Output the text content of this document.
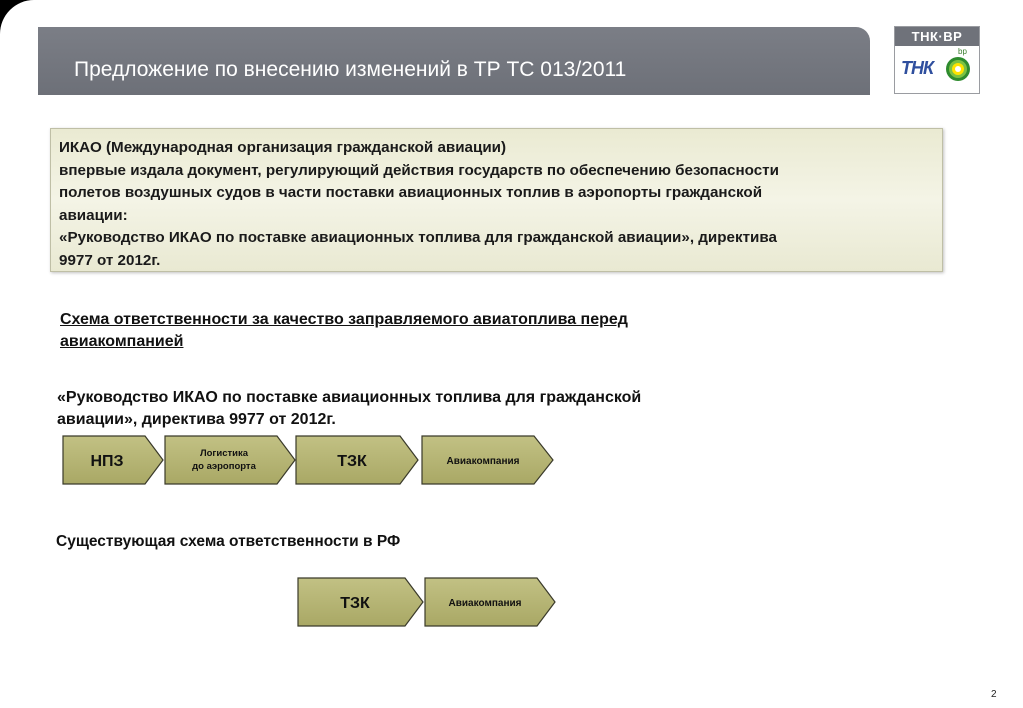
Предложение по внесению изменений в ТР ТС 013/2011
ТНК·ВР
ТНК
bp

ИКАО (Международная организация гражданской авиации)

впервые издала документ, регулирующий действия государств по обеспечению безопасности

полетов воздушных судов в части поставки авиационных топлив в аэропорты гражданской

авиации:

«Руководство ИКАО по поставке авиационных топлива для гражданской авиации», директива

9977 от 2012г.

Схема ответственности за качество заправляемого авиатоплива перед
авиакомпанией
«Руководство ИКАО по поставке авиационных топлива для гражданской
авиации», директива 9977 от 2012г.
Существующая схема ответственности в РФ
НПЗ	Логистика
до аэропорта	ТЗК	Авиакомпания
ТЗК	Авиакомпания
2
